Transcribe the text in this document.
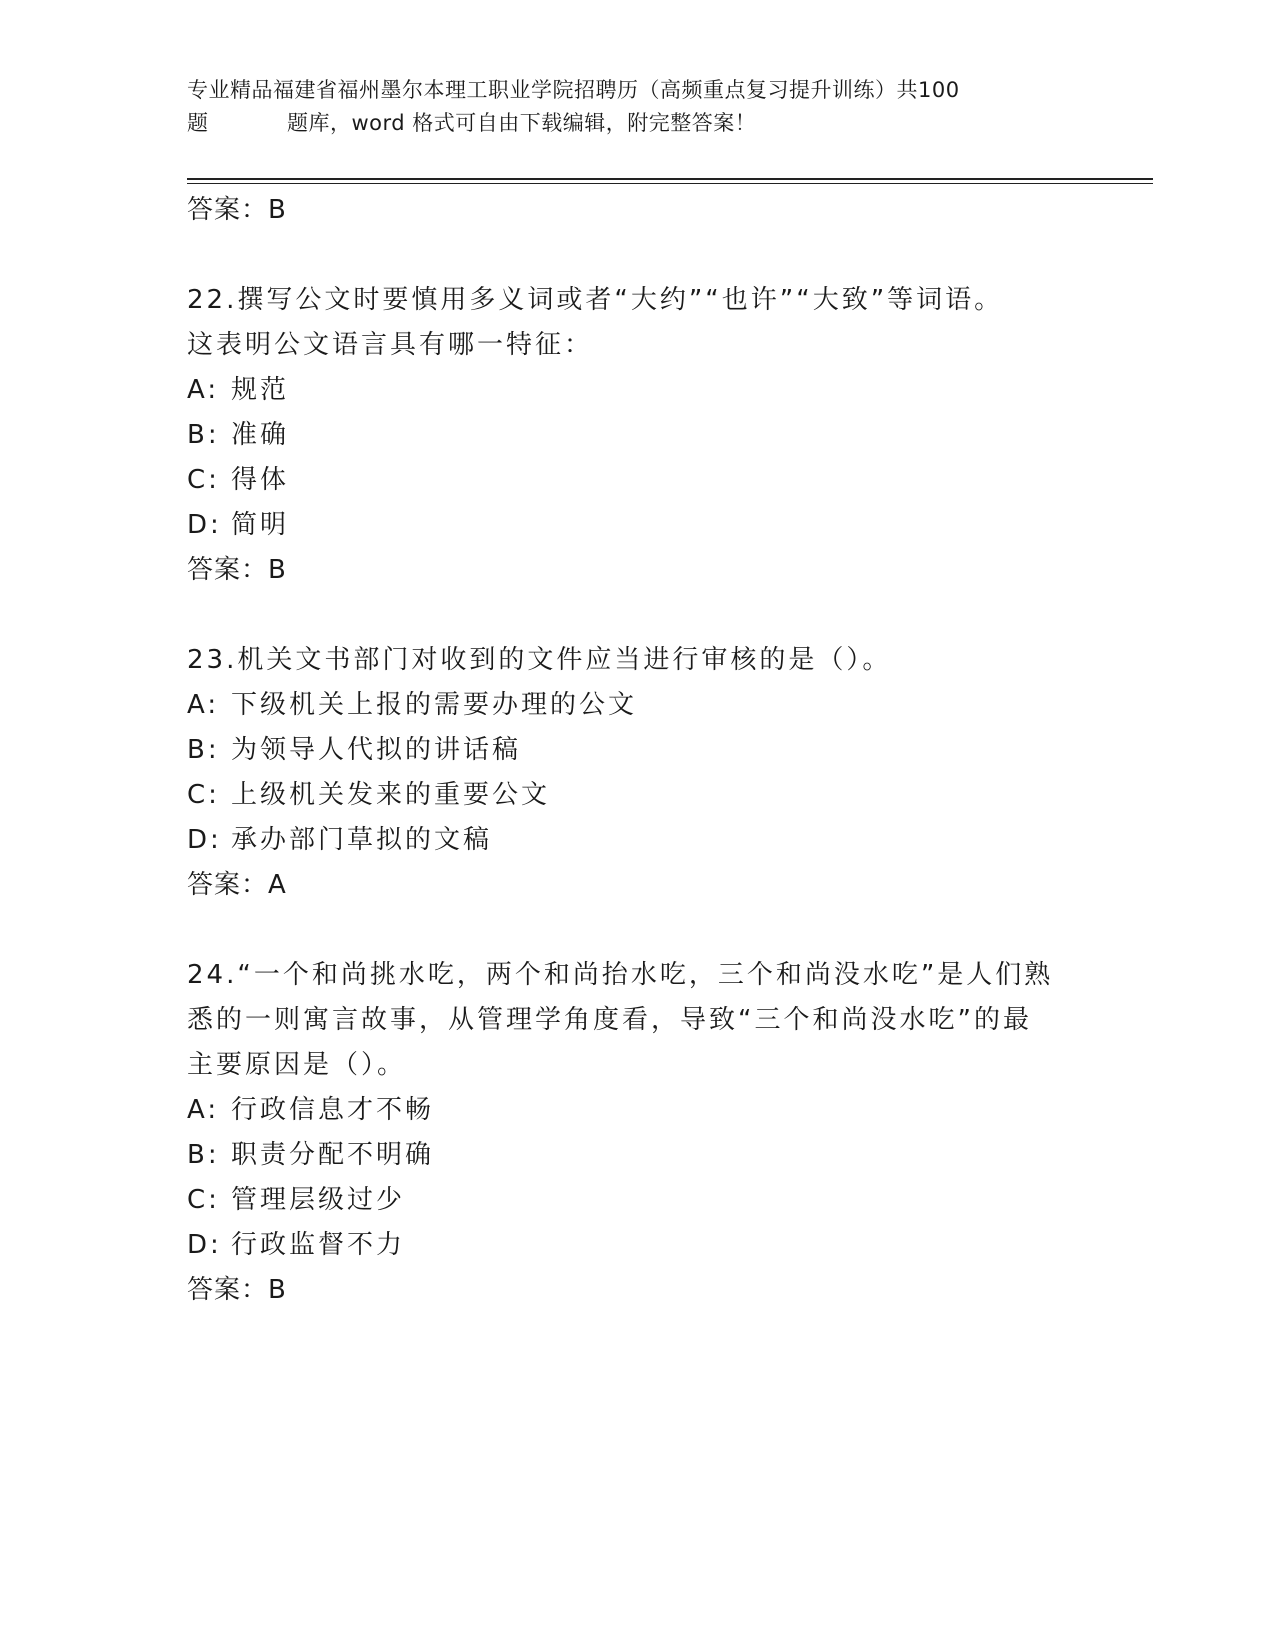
专业精品福建省福州墨尔本理工职业学院招聘历（高频重点复习提升训练）共100
题	题库，word 格式可自由下载编辑，附完整答案！
答案：B
22.撰写公文时要慎用多义词或者“大约”“也许”“大致”等词语。
这表明公文语言具有哪一特征：
A: 规范
B: 准确
C: 得体
D: 简明
答案：B
23.机关文书部门对收到的文件应当进行审核的是（）。
A: 下级机关上报的需要办理的公文
B: 为领导人代拟的讲话稿
C: 上级机关发来的重要公文
D: 承办部门草拟的文稿
答案：A
24.“一个和尚挑水吃，两个和尚抬水吃，三个和尚没水吃”是人们熟
悉的一则寓言故事，从管理学角度看，导致“三个和尚没水吃”的最
主要原因是（）。
A: 行政信息才不畅
B: 职责分配不明确
C: 管理层级过少
D: 行政监督不力
答案：B
